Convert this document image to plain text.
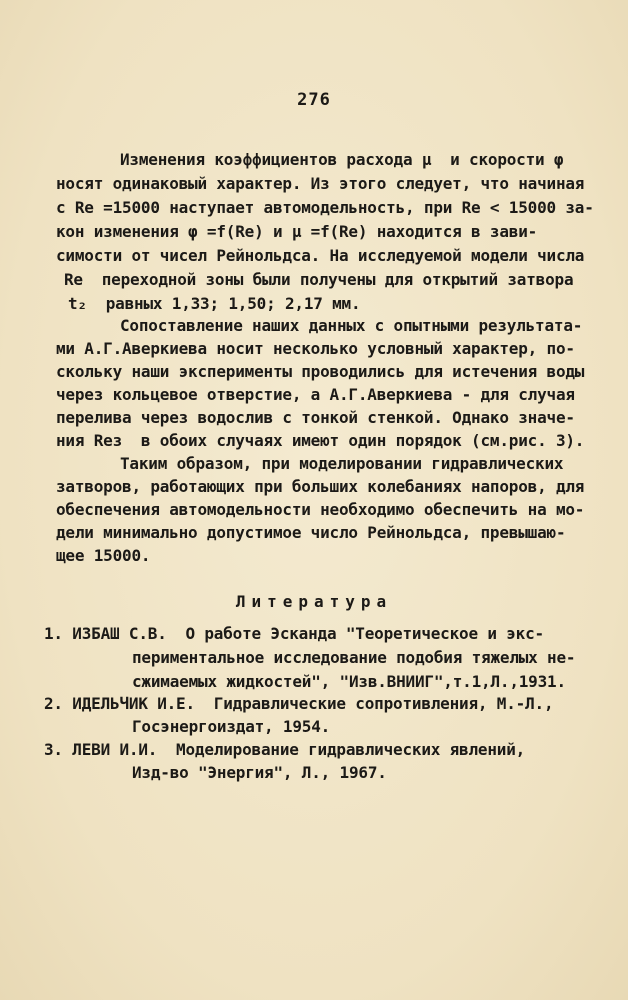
276
Изменения коэффициентов расхода µ  и скорости φ
носят одинаковый характер. Из этого следует, что начиная
с Re =15000 наступает автомодельность, при Re < 15000 за-
кон изменения φ =f(Re) и µ =f(Re) находится в зави-
симости от чисел Рейнольдса. На исследуемой модели числа
Re  переходной зоны были получены для открытий затвора
t₂  равных 1,33; 1,50; 2,17 мм.
Сопоставление наших данных с опытными результата-
ми А.Г.Аверкиева носит несколько условный характер, по-
скольку наши эксперименты проводились для истечения воды
через кольцевое отверстие, а А.Г.Аверкиева - для случая
перелива через водослив с тонкой стенкой. Однако значе-
ния Reз  в обоих случаях имеют один порядок (см.рис. 3).
Таким образом, при моделировании гидравлических
затворов, работающих при больших колебаниях напоров, для
обеспечения автомодельности необходимо обеспечить на мо-
дели минимально допустимое число Рейнольдса, превышаю-
щее 15000.
Литература
1. ИЗБАШ С.В.  О работе Эсканда "Теоретическое и экс-
периментальное исследование подобия тяжелых не-
сжимаемых жидкостей", "Изв.ВНИИГ",т.1,Л.,1931.
2. ИДЕЛЬЧИК И.Е.  Гидравлические сопротивления, М.-Л.,
Госэнергоиздат, 1954.
3. ЛЕВИ И.И.  Моделирование гидравлических явлений,
Изд-во "Энергия", Л., 1967.
